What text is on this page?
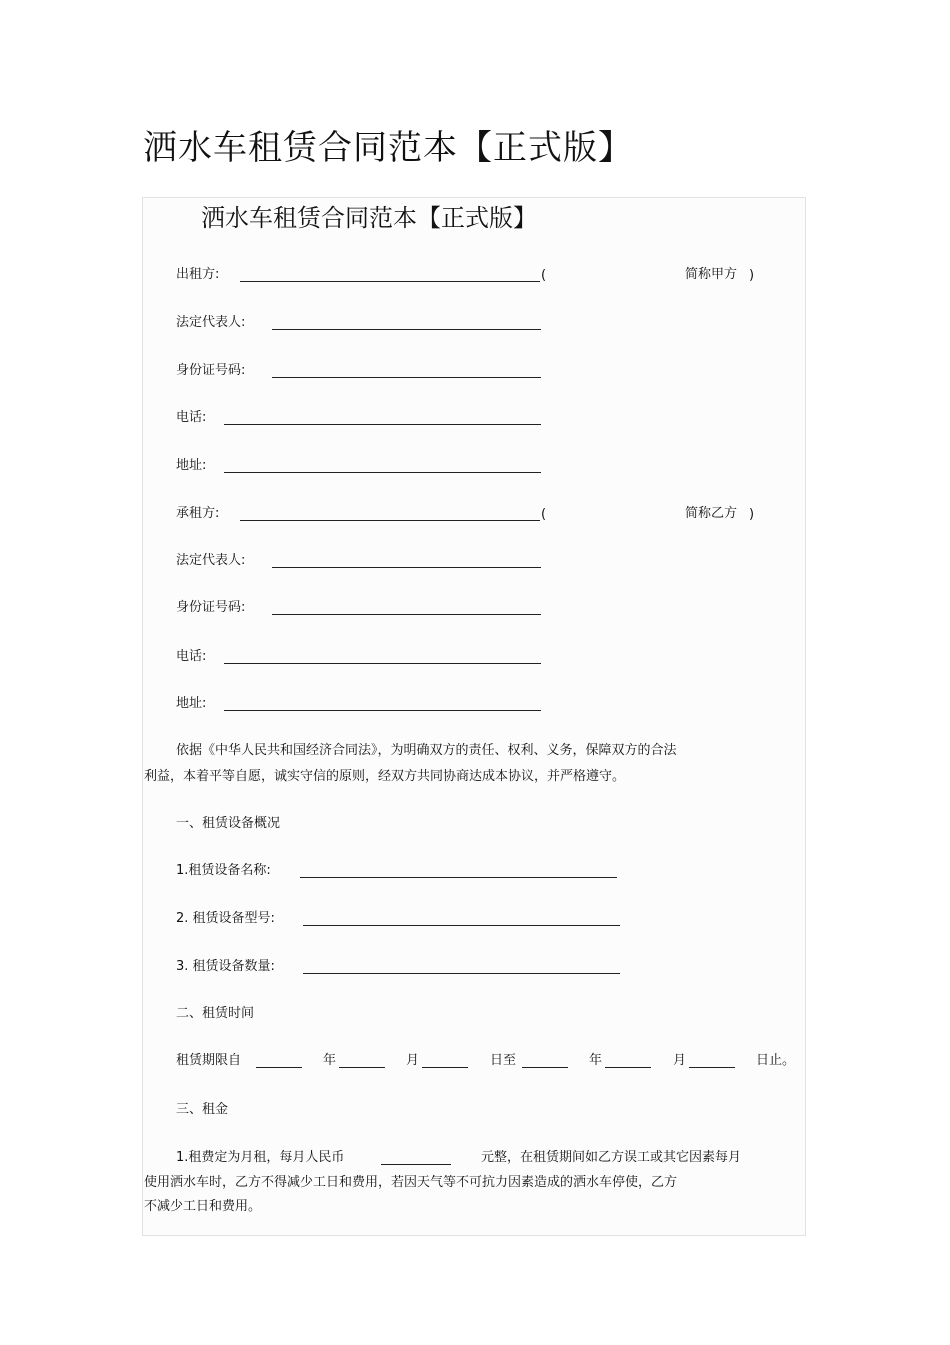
洒水车租赁合同范本【正式版】
洒水车租赁合同范本【正式版】
出租方:	(	简称甲方 )
法定代表人:
身份证号码:
电话:
地址:
承租方:	(	简称乙方 )
法定代表人:
身份证号码:
电话:
地址:
依据《中华人民共和国经济合同法》，为明确双方的责任、权利、义务，保障双方的合法
利益，本着平等自愿，诚实守信的原则，经双方共同协商达成本协议，并严格遵守。
一、租赁设备概况
1.租赁设备名称:
2. 租赁设备型号:
3. 租赁设备数量:
二、租赁时间
租赁期限自	年	月	日至	年	月	日止。
三、租金
1.租费定为月租，每月人民币	元整，在租赁期间如乙方误工或其它因素每月
使用洒水车时，乙方不得减少工日和费用，若因天气等不可抗力因素造成的洒水车停使，乙方
不减少工日和费用。
